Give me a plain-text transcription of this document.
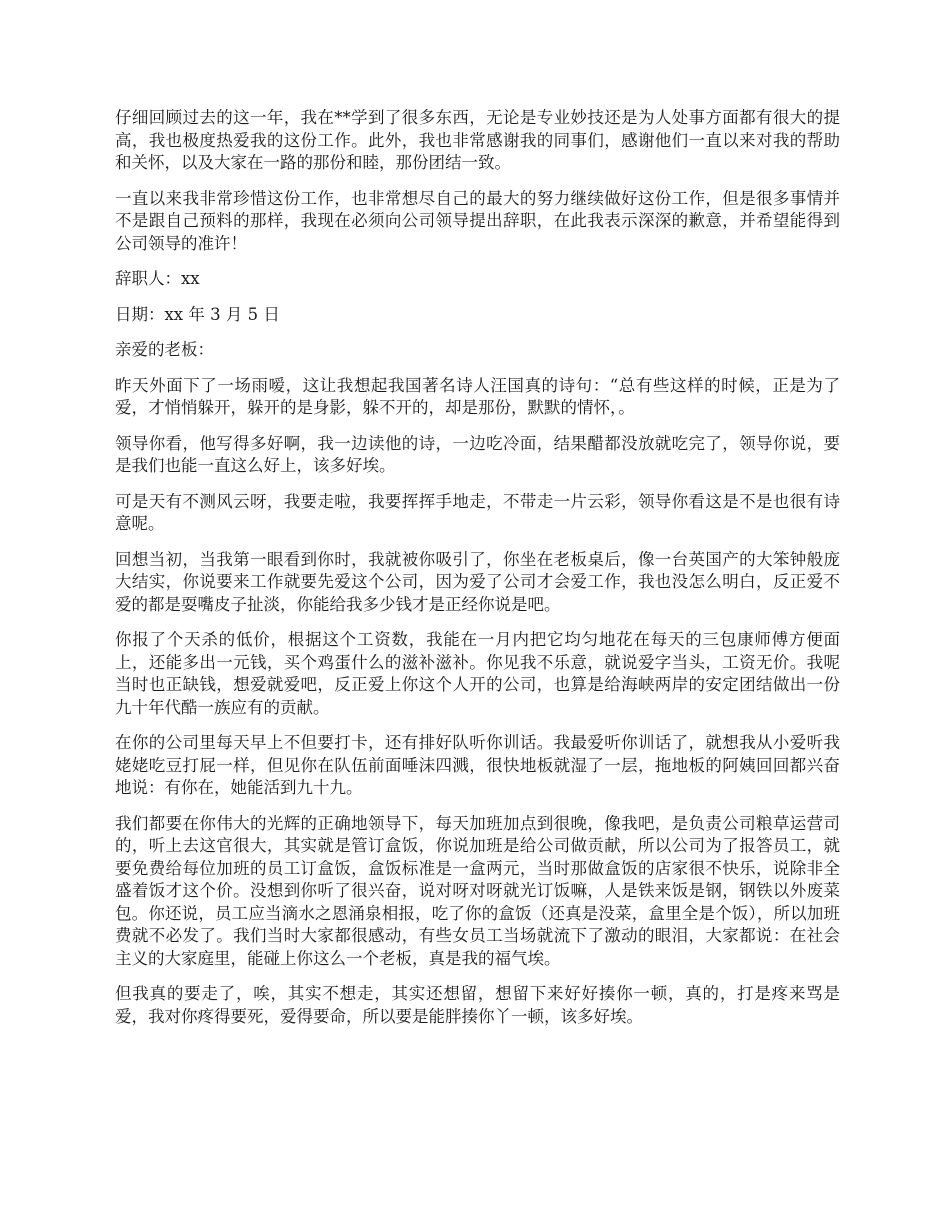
仔细回顾过去的这一年，我在**学到了很多东西，无论是专业妙技还是为人处事方面都有很大的提高，我也极度热爱我的这份工作。此外，我也非常感谢我的同事们，感谢他们一直以来对我的帮助和关怀，以及大家在一路的那份和睦，那份团结一致。

一直以来我非常珍惜这份工作，也非常想尽自己的最大的努力继续做好这份工作，但是很多事情并不是跟自己预料的那样，我现在必须向公司领导提出辞职，在此我表示深深的歉意，并希望能得到公司领导的准许！

辞职人：xx

日期：xx 年 3 月 5 日

亲爱的老板：

昨天外面下了一场雨嗳，这让我想起我国著名诗人汪国真的诗句：“总有些这样的时候，正是为了爱，才悄悄躲开，躲开的是身影，躲不开的，却是那份，默默的情怀，。

领导你看，他写得多好啊，我一边读他的诗，一边吃冷面，结果醋都没放就吃完了，领导你说，要是我们也能一直这么好上，该多好埃。

可是天有不测风云呀，我要走啦，我要挥挥手地走，不带走一片云彩，领导你看这是不是也很有诗意呢。

回想当初，当我第一眼看到你时，我就被你吸引了，你坐在老板桌后，像一台英国产的大笨钟般庞大结实，你说要来工作就要先爱这个公司，因为爱了公司才会爱工作，我也没怎么明白，反正爱不爱的都是耍嘴皮子扯淡，你能给我多少钱才是正经你说是吧。

你报了个天杀的低价，根据这个工资数，我能在一月内把它均匀地花在每天的三包康师傅方便面上，还能多出一元钱，买个鸡蛋什么的滋补滋补。你见我不乐意，就说爱字当头，工资无价。我呢当时也正缺钱，想爱就爱吧，反正爱上你这个人开的公司，也算是给海峡两岸的安定团结做出一份九十年代酷一族应有的贡献。

在你的公司里每天早上不但要打卡，还有排好队听你训话。我最爱听你训话了，就想我从小爱听我姥姥吃豆打屁一样，但见你在队伍前面唾沫四溅，很快地板就湿了一层，拖地板的阿姨回回都兴奋地说：有你在，她能活到九十九。

我们都要在你伟大的光辉的正确地领导下，每天加班加点到很晚，像我吧，是负责公司粮草运营司的，听上去这官很大，其实就是管订盒饭，你说加班是给公司做贡献，所以公司为了报答员工，就要免费给每位加班的员工订盒饭，盒饭标准是一盒两元，当时那做盒饭的店家很不快乐，说除非全盛着饭才这个价。没想到你听了很兴奋，说对呀对呀就光订饭嘛，人是铁来饭是钢，钢铁以外废菜包。你还说，员工应当滴水之恩涌泉相报，吃了你的盒饭（还真是没菜，盒里全是个饭），所以加班费就不必发了。我们当时大家都很感动，有些女员工当场就流下了激动的眼泪，大家都说：在社会主义的大家庭里，能碰上你这么一个老板，真是我的福气埃。

但我真的要走了，唉，其实不想走，其实还想留，想留下来好好揍你一顿，真的，打是疼来骂是爱，我对你疼得要死，爱得要命，所以要是能胖揍你丫一顿，该多好埃。
